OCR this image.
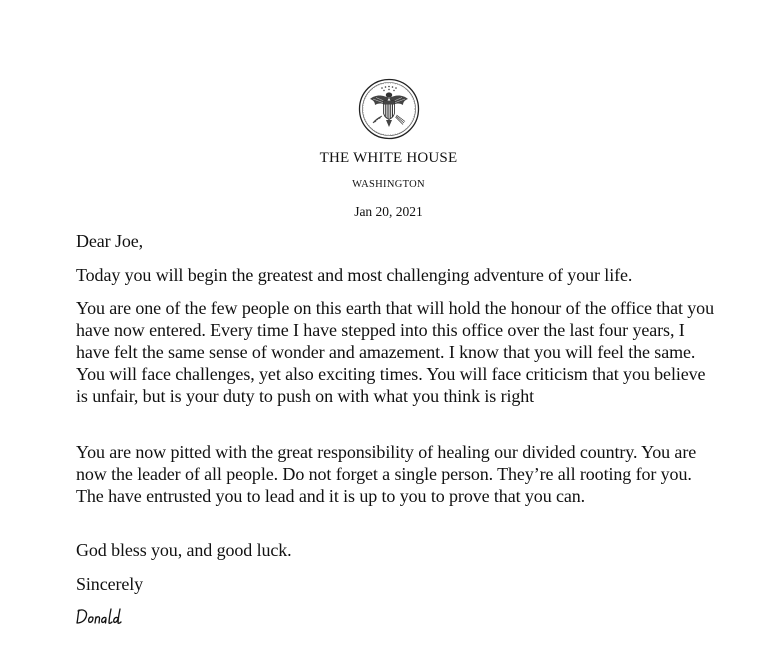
THE WHITE HOUSE
WASHINGTON
Jan 20, 2021

Dear Joe,

Today you will begin the greatest and most challenging adventure of your life.

You are one of the few people on this earth that will hold the honour of the office that you have now entered. Every time I have stepped into this office over the last four years, I have felt the same sense of wonder and amazement. I know that you will feel the same. You will face challenges, yet also exciting times. You will face criticism that you believe is unfair, but is your duty to push on with what you think is right

You are now pitted with the great responsibility of healing our divided country. You are now the leader of all people. Do not forget a single person. They’re all rooting for you. The have entrusted you to lead and it is up to you to prove that you can.

God bless you, and good luck.

Sincerely
